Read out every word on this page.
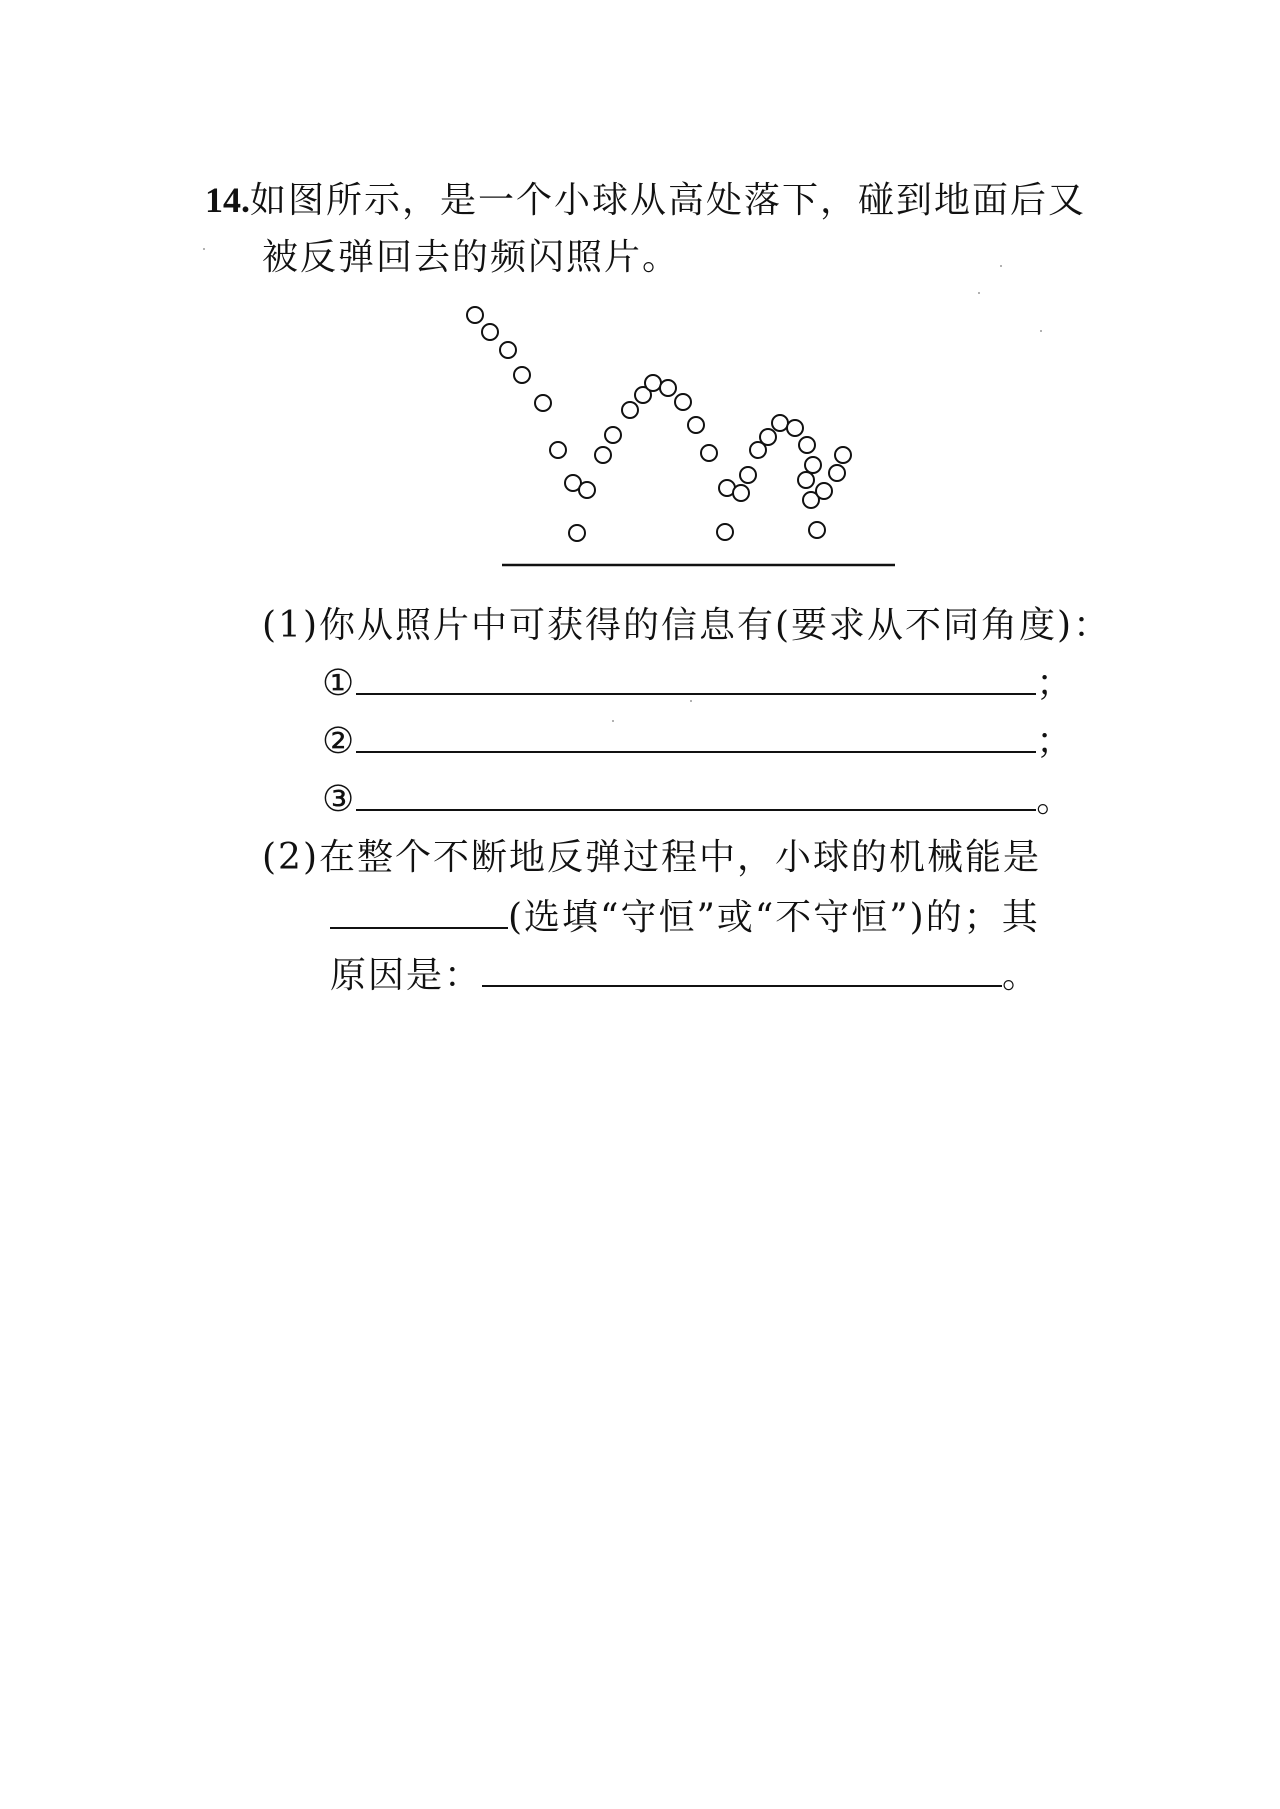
14.如图所示，是一个小球从高处落下，碰到地面后又
被反弹回去的频闪照片。
(1)你从照片中可获得的信息有(要求从不同角度)：
①	；
②	；
③	。
(2)在整个不断地反弹过程中，小球的机械能是
(选填“守恒”或“不守恒”)的；其
原因是：	。
